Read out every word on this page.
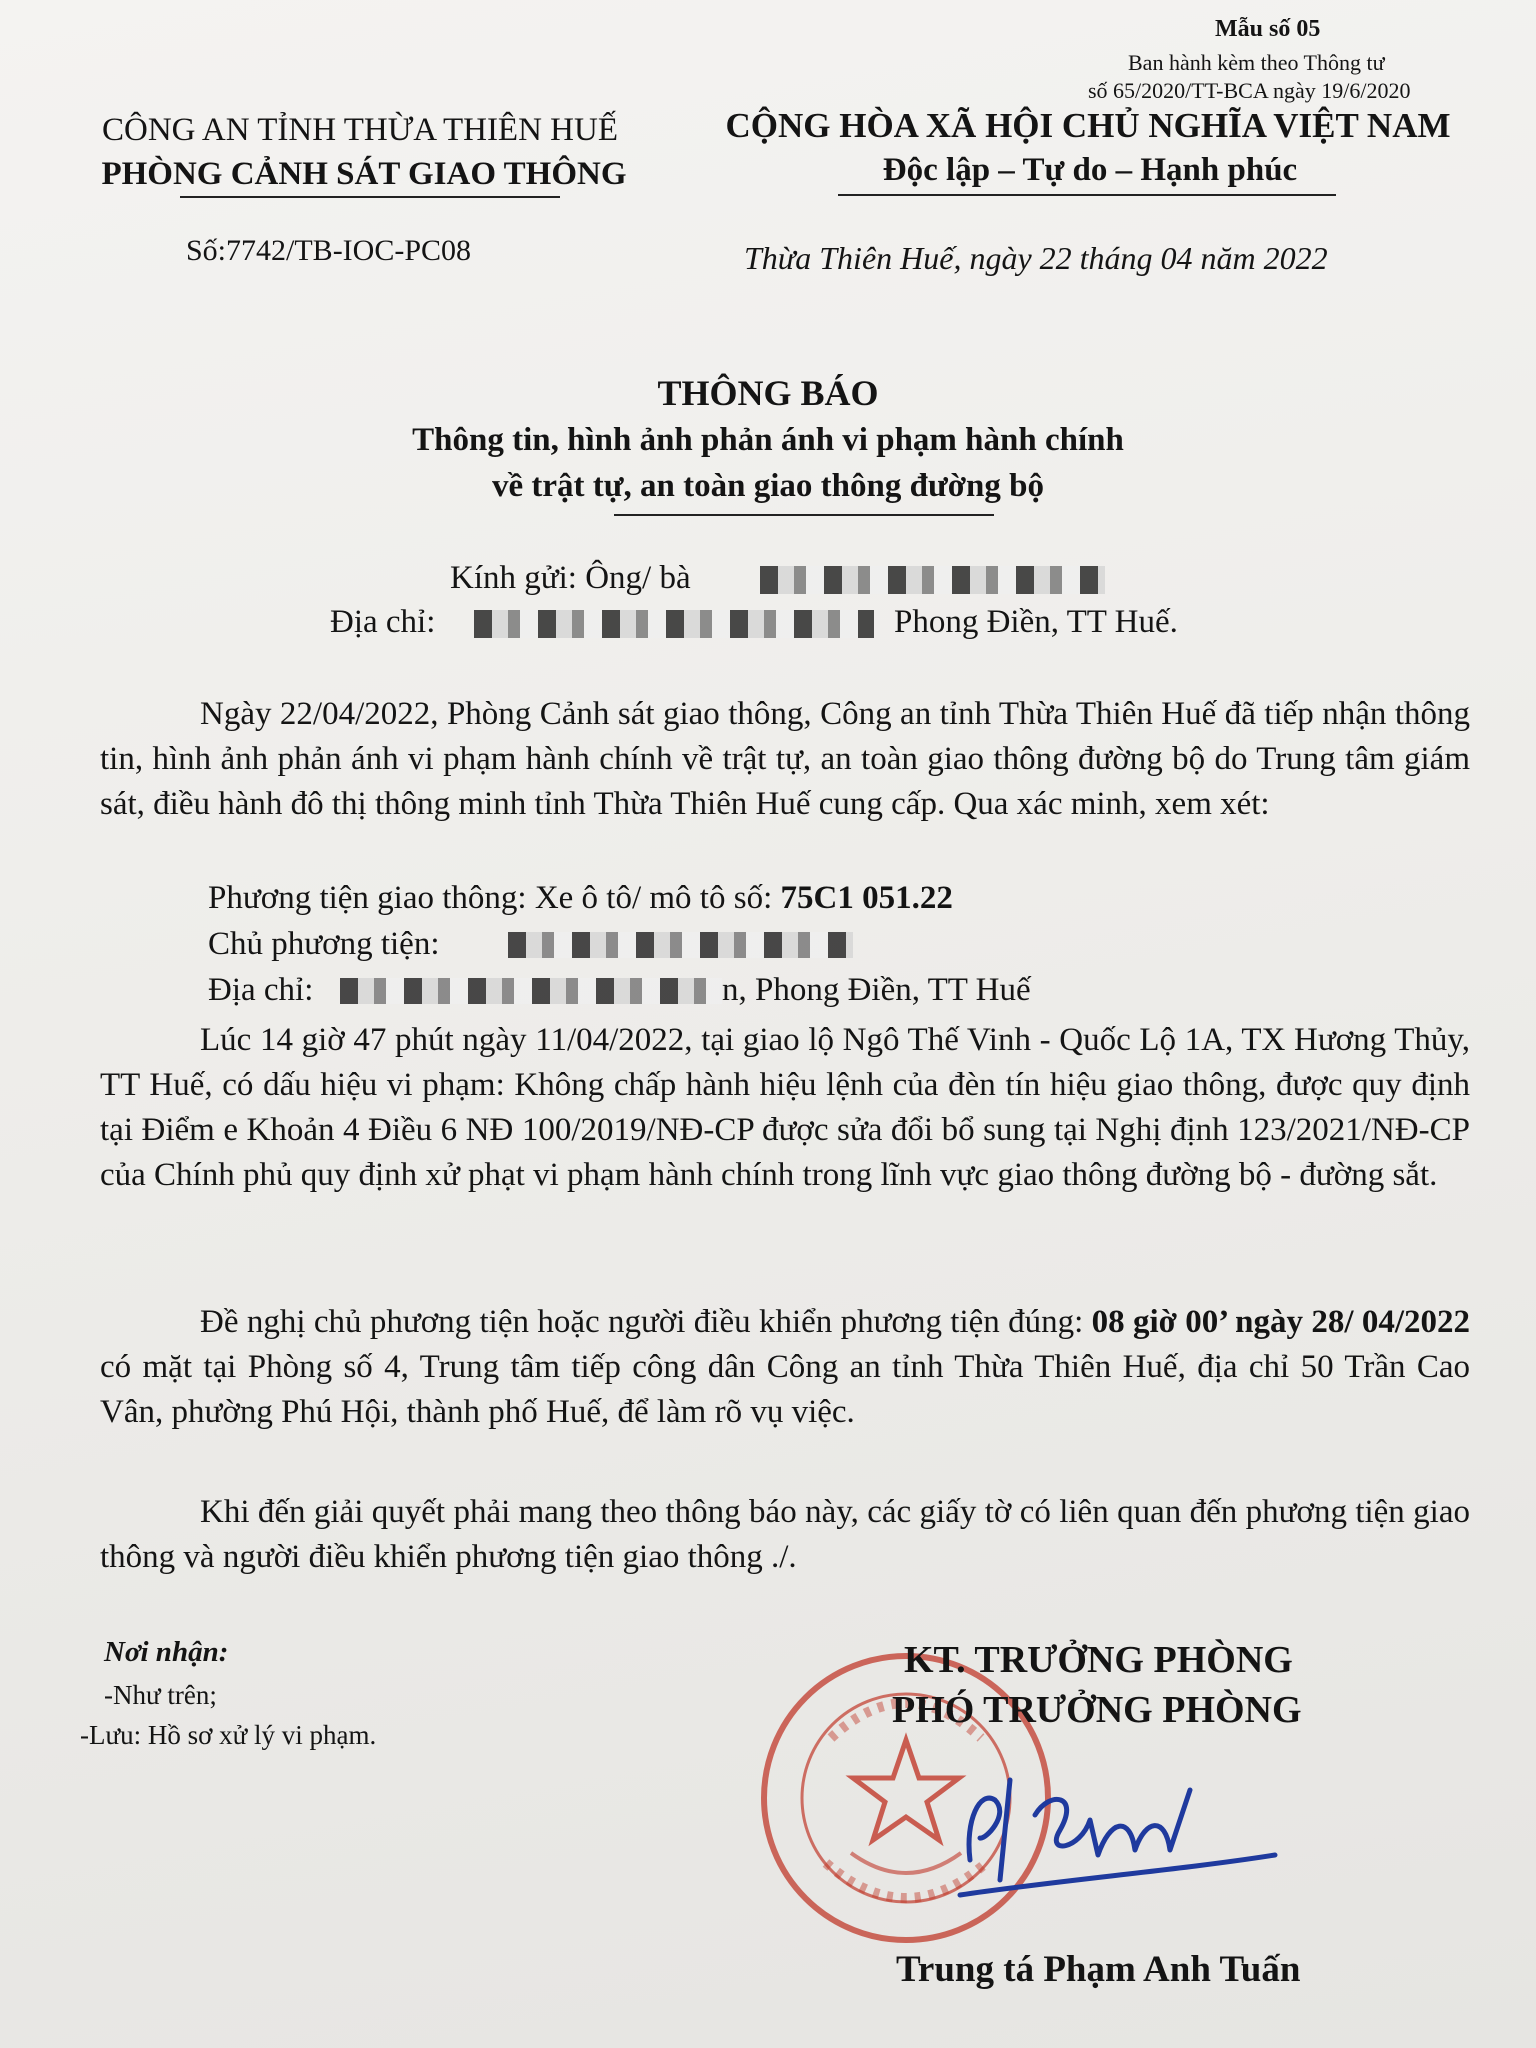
Mẫu số 05
Ban hành kèm theo Thông tư
số 65/2020/TT-BCA ngày 19/6/2020
CÔNG AN TỈNH THỪA THIÊN HUẾ
PHÒNG CẢNH SÁT GIAO THÔNG
Số:7742/TB-IOC-PC08
CỘNG HÒA XÃ HỘI CHỦ NGHĨA VIỆT NAM
Độc lập – Tự do – Hạnh phúc
Thừa Thiên Huế, ngày 22 tháng 04 năm 2022
THÔNG BÁO
Thông tin, hình ảnh phản ánh vi phạm hành chính
về trật tự, an toàn giao thông đường bộ
Kính gửi: Ông/ bà
Địa chỉ:	Phong Điền, TT Huế.
Ngày 22/04/2022, Phòng Cảnh sát giao thông, Công an tỉnh Thừa Thiên Huế đã tiếp nhận thông tin, hình ảnh phản ánh vi phạm hành chính về trật tự, an toàn giao thông đường bộ do Trung tâm giám sát, điều hành đô thị thông minh tỉnh Thừa Thiên Huế cung cấp. Qua xác minh, xem xét:
Phương tiện giao thông: Xe ô tô/ mô tô số: 75C1 051.22
Chủ phương tiện:
Địa chỉ:	n, Phong Điền, TT Huế
Lúc 14 giờ 47 phút ngày 11/04/2022, tại giao lộ Ngô Thế Vinh - Quốc Lộ 1A, TX Hương Thủy, TT Huế, có dấu hiệu vi phạm: Không chấp hành hiệu lệnh của đèn tín hiệu giao thông, được quy định tại Điểm e Khoản 4 Điều 6 NĐ 100/2019/NĐ-CP được sửa đổi bổ sung tại Nghị định 123/2021/NĐ-CP của Chính phủ quy định xử phạt vi phạm hành chính trong lĩnh vực giao thông đường bộ - đường sắt.
Đề nghị chủ phương tiện hoặc người điều khiển phương tiện đúng: 08 giờ 00’ ngày 28/ 04/2022 có mặt tại Phòng số 4, Trung tâm tiếp công dân Công an tỉnh Thừa Thiên Huế, địa chỉ 50 Trần Cao Vân, phường Phú Hội, thành phố Huế, để làm rõ vụ việc.
Khi đến giải quyết phải mang theo thông báo này, các giấy tờ có liên quan đến phương tiện giao thông và người điều khiển phương tiện giao thông ./.
Nơi nhận:
-Như trên;
-Lưu: Hồ sơ xử lý vi phạm.
KT. TRƯỞNG PHÒNG
PHÓ TRƯỞNG PHÒNG
Trung tá Phạm Anh Tuấn
